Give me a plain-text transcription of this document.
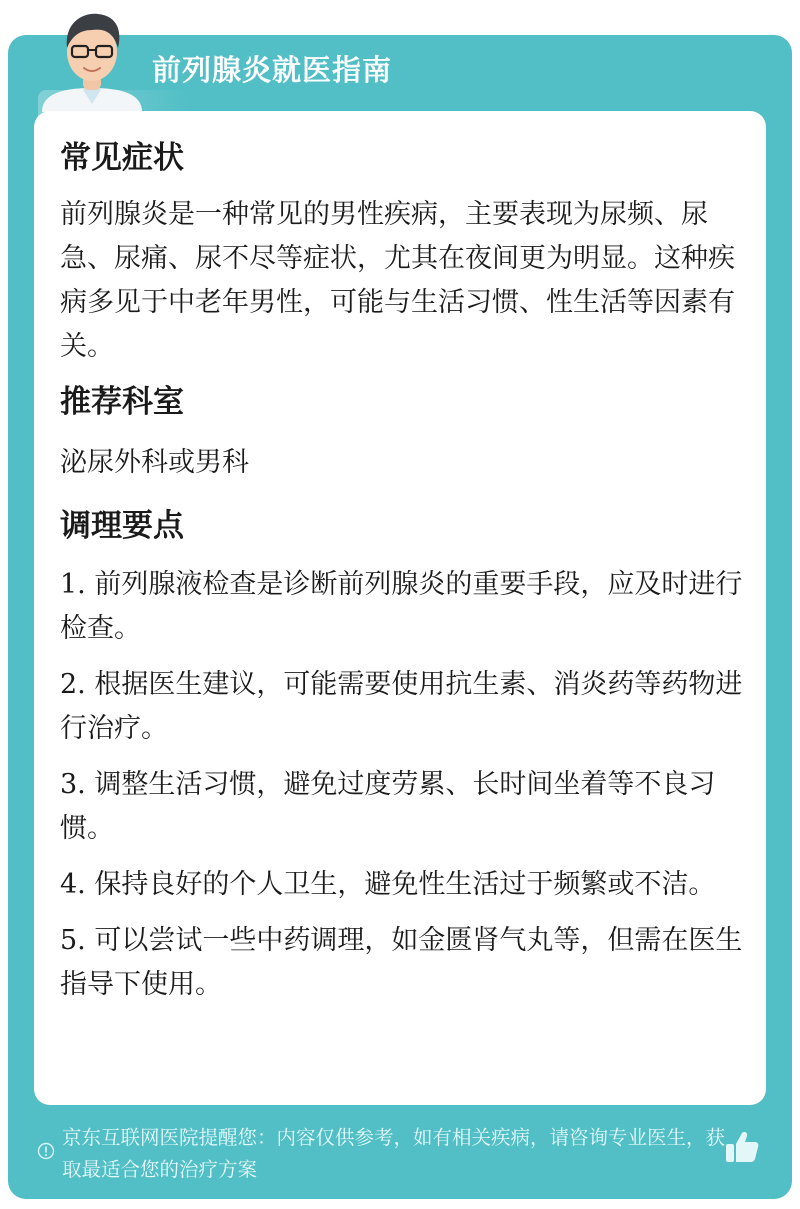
前列腺炎就医指南
常见症状

前列腺炎是一种常见的男性疾病，主要表现为尿频、尿急、尿痛、尿不尽等症状，尤其在夜间更为明显。这种疾病多见于中老年男性，可能与生活习惯、性生活等因素有关。

推荐科室

泌尿外科或男科

调理要点

1. 前列腺液检查是诊断前列腺炎的重要手段，应及时进行检查。

2. 根据医生建议，可能需要使用抗生素、消炎药等药物进行治疗。

3. 调整生活习惯，避免过度劳累、长时间坐着等不良习惯。

4. 保持良好的个人卫生，避免性生活过于频繁或不洁。

5. 可以尝试一些中药调理，如金匮肾气丸等，但需在医生指导下使用。

京东互联网医院提醒您：内容仅供参考，如有相关疾病，请咨询专业医生，获取最适合您的治疗方案
